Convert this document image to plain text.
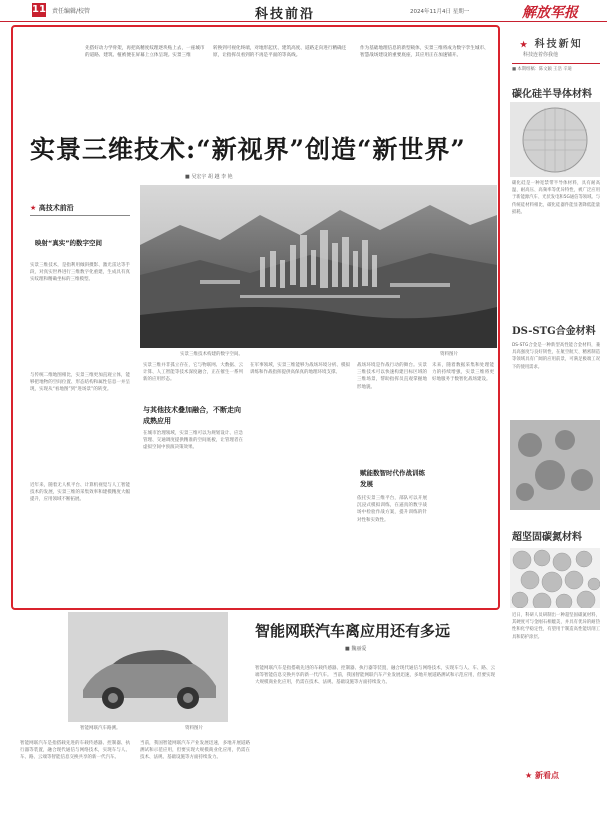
11 责任编辑/校管	科技前沿	2024年11月4日 星期一	解放军报
先搭好动力学骨架，再把高精度纹理逐块贴上去，一座城市的道路、建筑、植被便在屏幕上立体呈现。实景三维
转换到可视化终端，对地形起伏、建筑高度、道路走向进行精确还原，让指挥员看到的不再是平面的等高线。
作为基础地理信息的新型载体，实景三维将成为数字孪生城市、智慧战场建设的重要底座，其应用正在加速铺开。
实景三维技术:“新视界”创造“新世界”
■ 吴宏宇 胡 越 李 艳
★ 高技术前沿
映射“真实”的数字空间
实景三维技术，是指利用倾斜摄影、激光雷达等手段，对真实世界进行三维数字化重建，生成具有真实纹理和精确坐标的三维模型。
与传统二维地图相比，实景三维更加直观立体，能够把地物的空间位置、形态结构和属性信息一并呈现，实现从“看地图”到“进场景”的转变。
近年来，随着无人机平台、计算机视觉与人工智能技术的发展，实景三维的采集效率和建模精度大幅提升，应用领域不断拓展。
实景三维技术构建的数字空间。	资料图片
实景三维并非孤立存在，它与物联网、大数据、云计算、人工智能等技术深度融合，正在催生一系列新的应用形态。
与其他技术叠加融合，不断走向成熟应用
在城市治理领域，实景三维可以为规划设计、应急管理、交通调度提供精准的空间底板，让管理者在虚拟空间中预演决策效果。
在军事领域，实景三维能够为战场环境分析、模拟训练和作战指挥提供高保真的地理环境支撑。
战场环境是作战行动的舞台。实景三维技术可以快速构建目标区域的三维场景，帮助指挥员直观掌握地形地貌。
赋能数智时代作战训练发展
依托实景三维平台，部队可以开展沉浸式模拟训练，在逼真的数字战场中检验作战方案，提升训练的针对性和实效性。
未来，随着数据采集和处理能力的持续增强，实景三维将更好地服务于数智化战场建设。
★ 科技新知
科技连着你我他
■ 本期组稿：陈文颖 王浩 辛迪
碳化硅半导体材料
碳化硅是一种宽禁带半导体材料，具有耐高温、耐高压、高频率等优异特性，被广泛应用于新能源汽车、光伏发电和5G通信等领域。与传统硅材料相比，碳化硅器件能显著降低能量损耗。
DS-STG合金材料
DS-STG合金是一种新型高性能合金材料，兼具高强度与良好韧性，在航空航天、精密制造等领域具有广阔的应用前景，可满足极端工况下的使用需求。
超坚固碳氮材料
近日，科研人员研制出一种超坚固碳氮材料，其硬度可与金刚石相媲美，并具有优异的耐热性和化学稳定性，有望用于制造高性能切削工具和防护涂层。
★ 新看点
智能网联汽车路测。	资料图片
智能网联汽车离应用还有多远
■ 魏丽爱
智能网联汽车是指搭载先进的车载传感器、控制器、执行器等装置，融合现代通信与网络技术，实现车与人、车、路、云端等智能信息交换共享的新一代汽车。
当前，我国智能网联汽车产业发展迅速，多地开展道路测试和示范应用，但要实现大规模商业化应用，仍需在技术、法规、基础设施等方面持续发力。
智能网联汽车是指搭载先进的车载传感器、控制器、执行器等装置，融合现代通信与网络技术，实现车与人、车、路、云端等智能信息交换共享的新一代汽车。 当前，我国智能网联汽车产业发展迅速，多地开展道路测试和示范应用，但要实现大规模商业化应用，仍需在技术、法规、基础设施等方面持续发力。
